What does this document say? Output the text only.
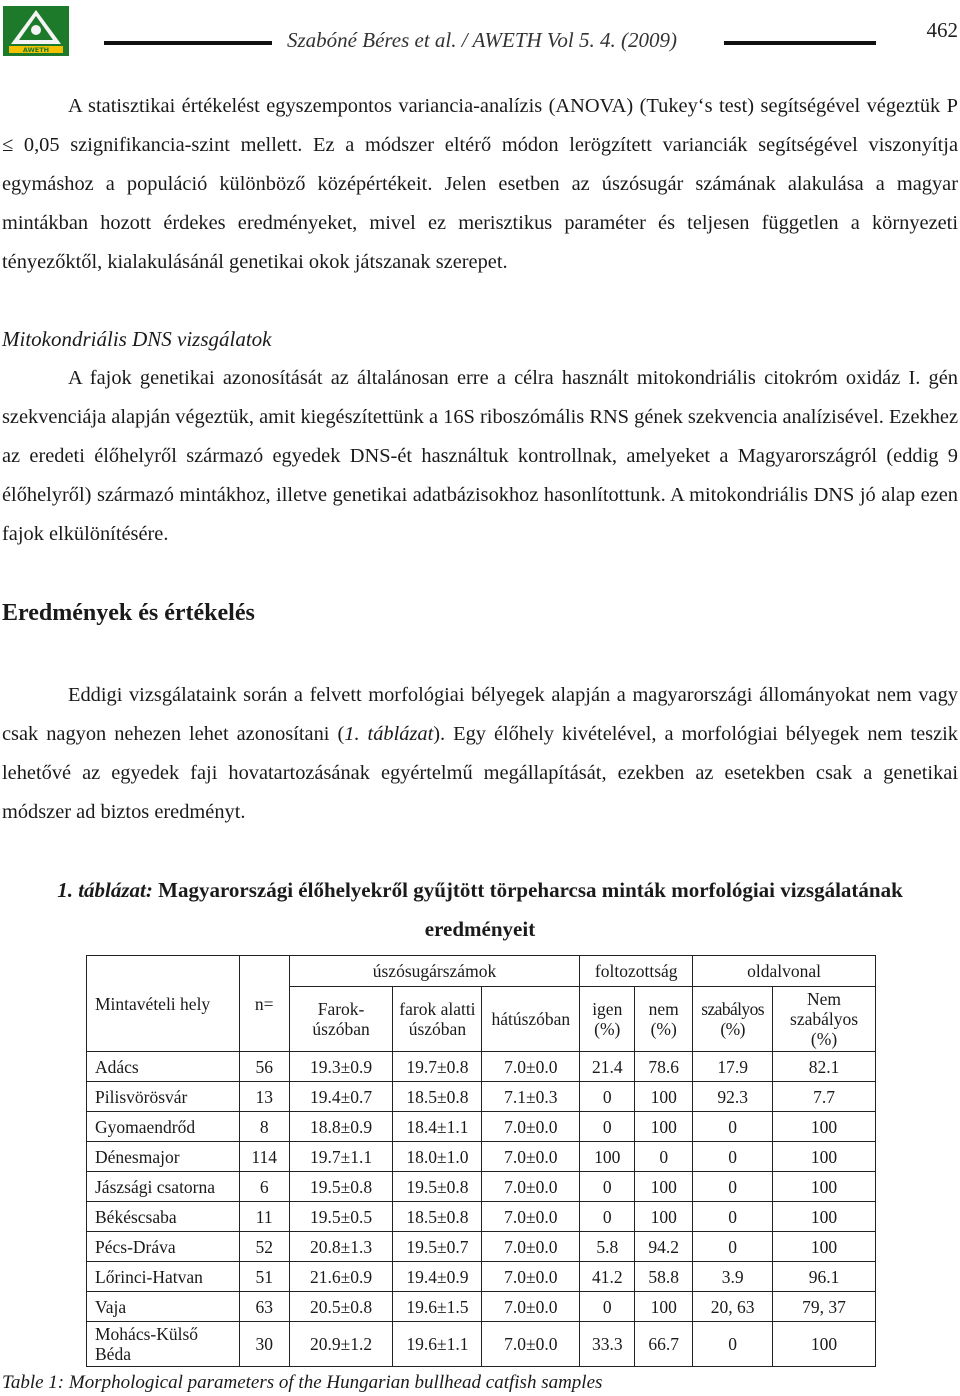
AWETH	Szabóné Béres et al. / AWETH Vol 5. 4. (2009)	462

A statisztikai értékelést egyszempontos variancia-analízis (ANOVA) (Tukey‘s test) segítségével végeztük P ≤ 0,05 szignifikancia-szint mellett. Ez a módszer eltérő módon lerögzített varianciák segítségével viszonyítja egymáshoz a populáció különböző középértékeit. Jelen esetben az úszósugár számának alakulása a magyar mintákban hozott érdekes eredményeket, mivel ez merisztikus paraméter és teljesen független a környezeti tényezőktől, kialakulásánál genetikai okok játszanak szerepet.

Mitokondriális DNS vizsgálatok

A fajok genetikai azonosítását az általánosan erre a célra használt mitokondriális citokróm oxidáz I. gén szekvenciája alapján végeztük, amit kiegészítettünk a 16S riboszómális RNS gének szekvencia analízisével. Ezekhez az eredeti élőhelyről származó egyedek DNS-ét használtuk kontrollnak, amelyeket a Magyarországról (eddig 9 élőhelyről) származó mintákhoz, illetve genetikai adatbázisokhoz hasonlítottunk. A mitokondriális DNS jó alap ezen fajok elkülönítésére.

Eredmények és értékelés

Eddigi vizsgálataink során a felvett morfológiai bélyegek alapján a magyarországi állományokat nem vagy csak nagyon nehezen lehet azonosítani (1. táblázat). Egy élőhely kivételével, a morfológiai bélyegek nem teszik lehetővé az egyedek faji hovatartozásának egyértelmű megállapítását, ezekben az esetekben csak a genetikai módszer ad biztos eredményt.

1. táblázat: Magyarországi élőhelyekről gyűjtött törpeharcsa minták morfológiai vizsgálatának eredményeit

Mintavételi hely	n=	úszósugárszámok			foltozottság		oldalvonal	
		Farok-úszóban	farok alatti úszóban	hátúszóban	igen (%)	nem (%)	szabályos (%)	Nem szabályos (%)
Adács	56	19.3±0.9	19.7±0.8	7.0±0.0	21.4	78.6	17.9	82.1
Pilisvörösvár	13	19.4±0.7	18.5±0.8	7.1±0.3	0	100	92.3	7.7
Gyomaendrőd	8	18.8±0.9	18.4±1.1	7.0±0.0	0	100	0	100
Dénesmajor	114	19.7±1.1	18.0±1.0	7.0±0.0	100	0	0	100
Jászsági csatorna	6	19.5±0.8	19.5±0.8	7.0±0.0	0	100	0	100
Békéscsaba	11	19.5±0.5	18.5±0.8	7.0±0.0	0	100	0	100
Pécs-Dráva	52	20.8±1.3	19.5±0.7	7.0±0.0	5.8	94.2	0	100
Lőrinci-Hatvan	51	21.6±0.9	19.4±0.9	7.0±0.0	41.2	58.8	3.9	96.1
Vaja	63	20.5±0.8	19.6±1.5	7.0±0.0	0	100	20, 63	79, 37
Mohács-Külső Béda	30	20.9±1.2	19.6±1.1	7.0±0.0	33.3	66.7	0	100
Table 1: Morphological parameters of the Hungarian bullhead catfish samples
